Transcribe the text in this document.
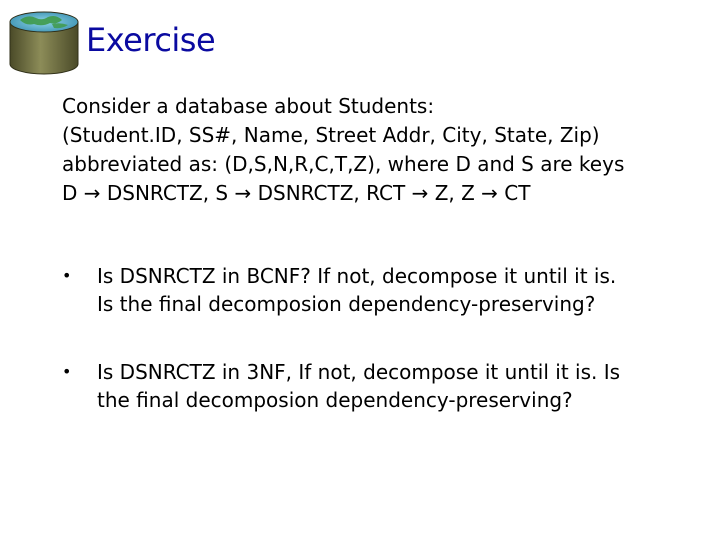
Exercise
Consider a database about Students:
(Student.ID, SS#, Name, Street Addr, City, State, Zip)
abbreviated as: (D,S,N,R,C,T,Z), where D and S are keys
D → DSNRCTZ, S → DSNRCTZ, RCT → Z, Z → CT
• Is DSNRCTZ in BCNF? If not, decompose it until it is.
Is the final decomposion dependency-preserving?
• Is DSNRCTZ in 3NF, If not, decompose it until it is. Is
the final decomposion dependency-preserving?
